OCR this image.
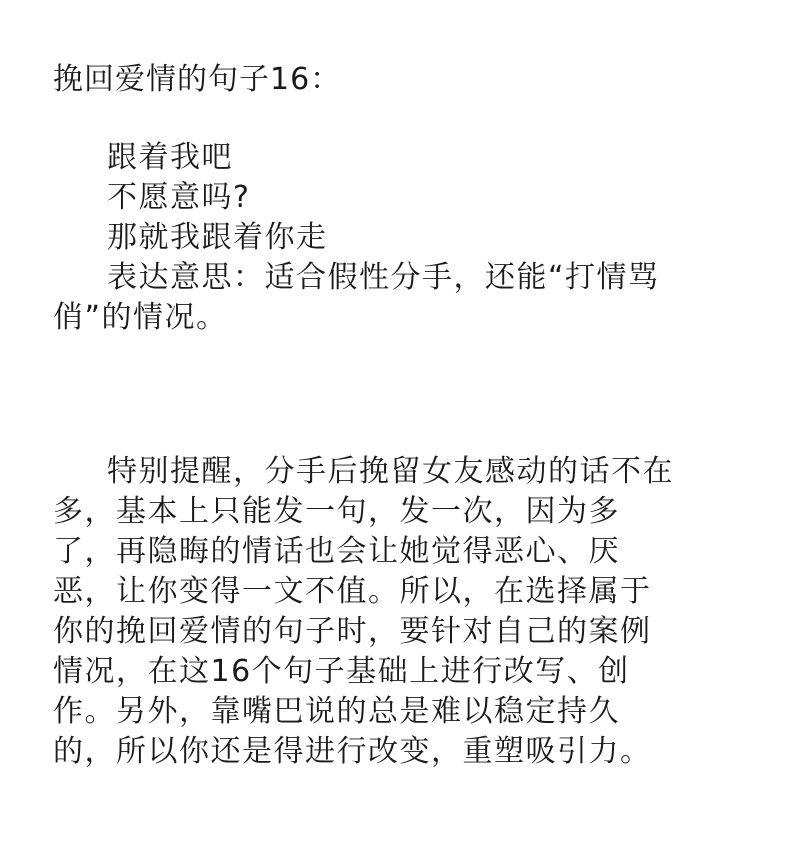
挽回爱情的句子16：
跟着我吧
不愿意吗?
那就我跟着你走
表达意思：适合假性分手，还能“打情骂
俏”的情况。
特别提醒，分手后挽留女友感动的话不在
多，基本上只能发一句，发一次，因为多
了，再隐晦的情话也会让她觉得恶心、厌
恶，让你变得一文不值。所以，在选择属于
你的挽回爱情的句子时，要针对自己的案例
情况，在这16个句子基础上进行改写、创
作。另外，靠嘴巴说的总是难以稳定持久
的，所以你还是得进行改变，重塑吸引力。
